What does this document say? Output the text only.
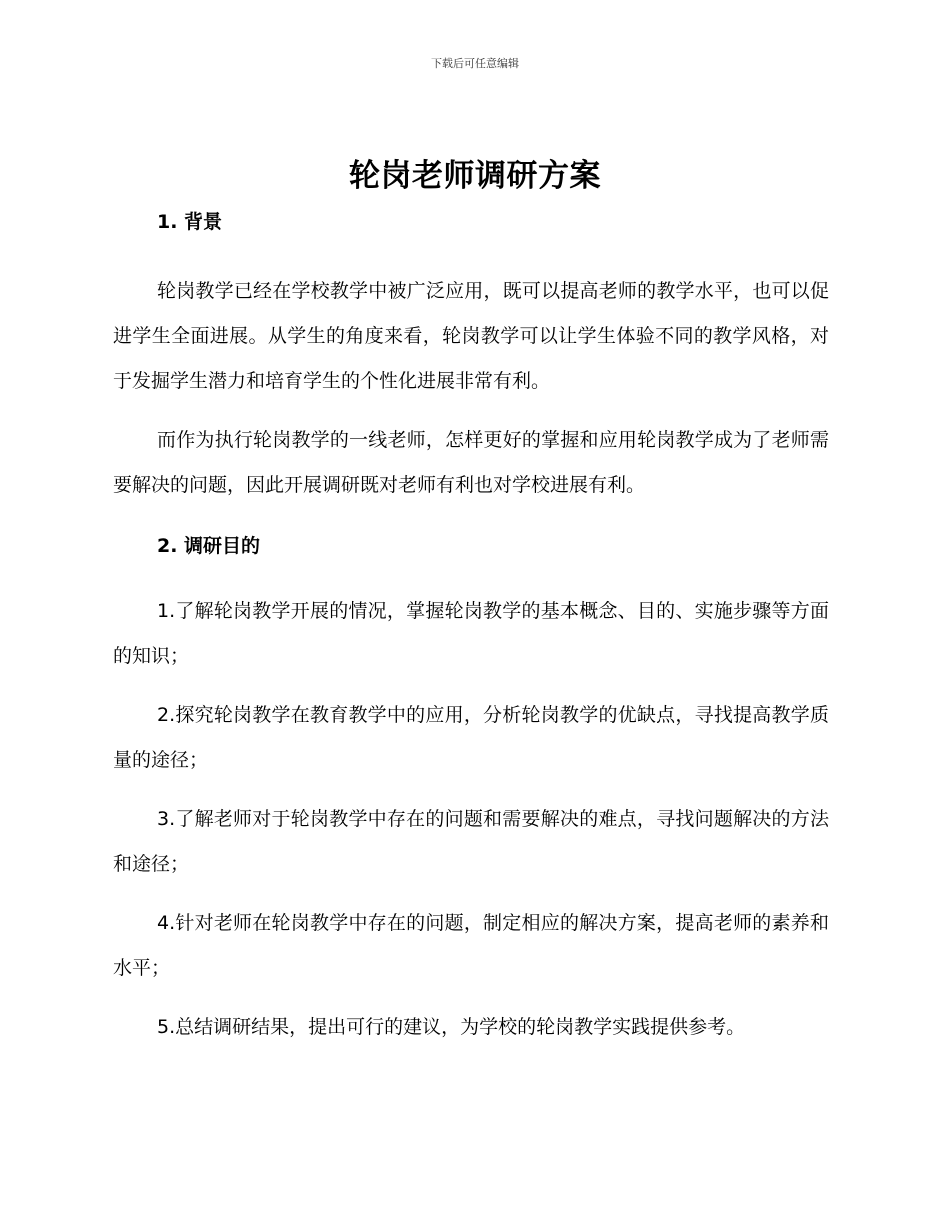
下载后可任意编辑
轮岗老师调研方案

1. 背景

轮岗教学已经在学校教学中被广泛应用，既可以提高老师的教学水平，也可以促进学生全面进展。从学生的角度来看，轮岗教学可以让学生体验不同的教学风格，对于发掘学生潜力和培育学生的个性化进展非常有利。

而作为执行轮岗教学的一线老师，怎样更好的掌握和应用轮岗教学成为了老师需要解决的问题，因此开展调研既对老师有利也对学校进展有利。

2. 调研目的

1.了解轮岗教学开展的情况，掌握轮岗教学的基本概念、目的、实施步骤等方面的知识；

2.探究轮岗教学在教育教学中的应用，分析轮岗教学的优缺点，寻找提高教学质量的途径；

3.了解老师对于轮岗教学中存在的问题和需要解决的难点，寻找问题解决的方法和途径；

4.针对老师在轮岗教学中存在的问题，制定相应的解决方案，提高老师的素养和水平；

5.总结调研结果，提出可行的建议，为学校的轮岗教学实践提供参考。
